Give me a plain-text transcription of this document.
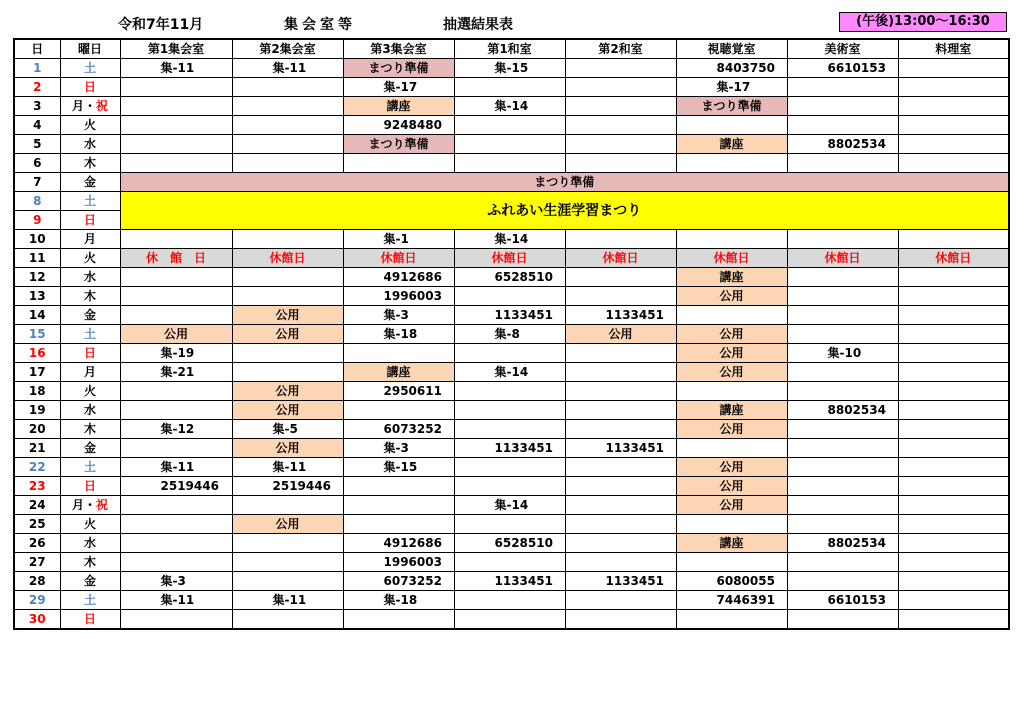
令和7年11月	集会室等	抽選結果表	(午後)13:00～16:30
日	曜日	第1集会室	第2集会室	第3集会室	第1和室	第2和室	視聴覚室	美術室	料理室
1	土	集-11	集-11	まつり準備	集-15		8403750	6610153	
2	日			集-17			集-17		
3	月・祝			講座	集-14		まつり準備		
4	火			9248480					
5	水			まつり準備			講座	8802534	
6	木								
7	金	まつり準備							
8	土	ふれあい生涯学習まつり							
9	日								
10	月			集-1	集-14				
11	火	休　館　日	休館日	休館日	休館日	休館日	休館日	休館日	休館日
12	水			4912686	6528510		講座		
13	木			1996003			公用		
14	金		公用	集-3	1133451	1133451			
15	土	公用	公用	集-18	集-8	公用	公用		
16	日	集-19					公用	集-10	
17	月	集-21		講座	集-14		公用		
18	火		公用	2950611					
19	水		公用				講座	8802534	
20	木	集-12	集-5	6073252			公用		
21	金		公用	集-3	1133451	1133451			
22	土	集-11	集-11	集-15			公用		
23	日	2519446	2519446				公用		
24	月・祝				集-14		公用		
25	火		公用						
26	水			4912686	6528510		講座	8802534	
27	木			1996003					
28	金	集-3		6073252	1133451	1133451	6080055		
29	土	集-11	集-11	集-18			7446391	6610153	
30	日								
